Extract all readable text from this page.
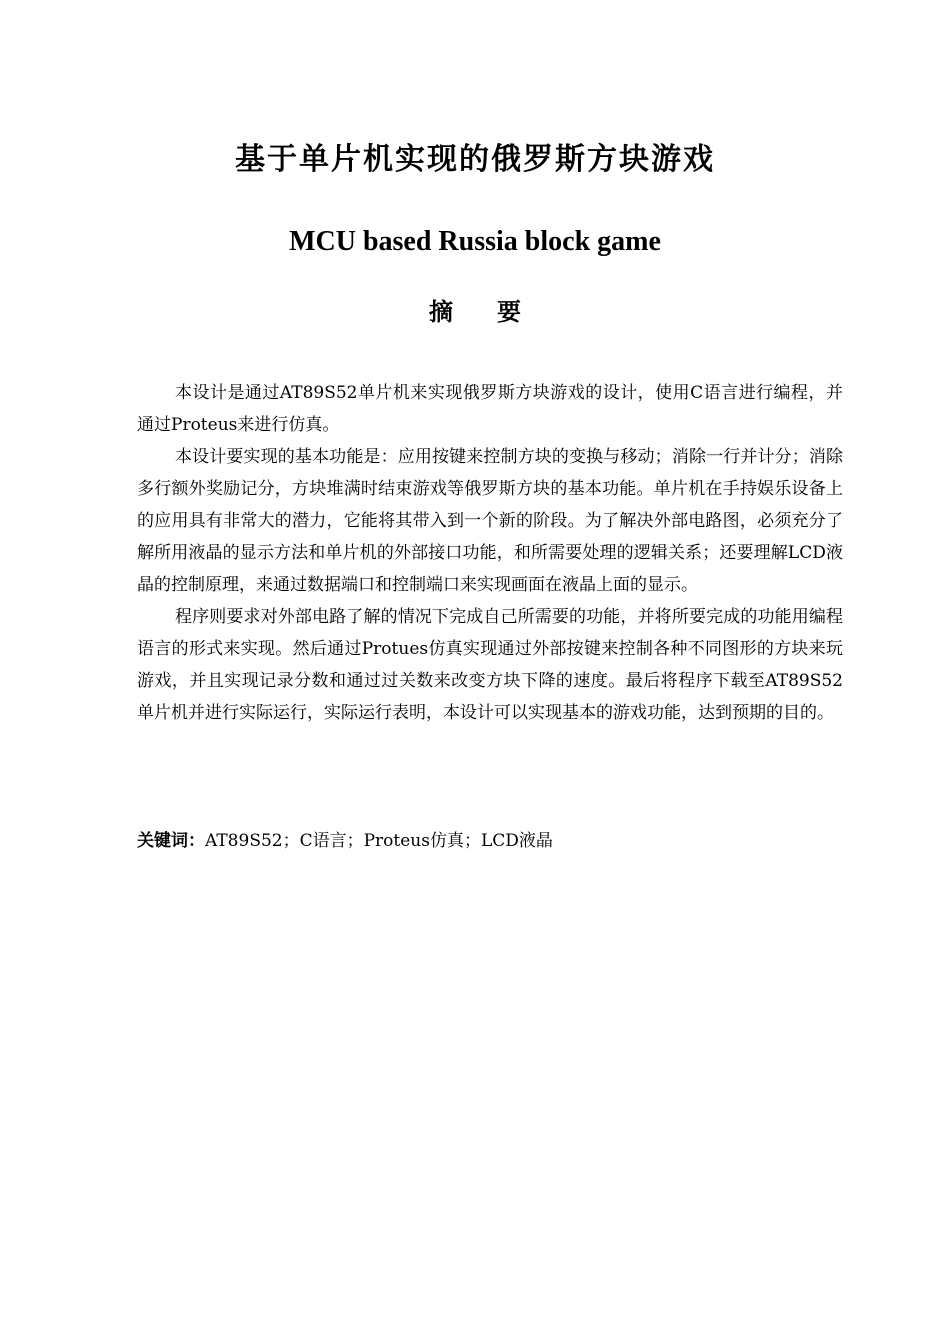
基于单片机实现的俄罗斯方块游戏
MCU based Russia block game
摘要

本设计是通过AT89S52单片机来实现俄罗斯方块游戏的设计，使用C语言进行编程，并通过Proteus来进行仿真。

本设计要实现的基本功能是：应用按键来控制方块的变换与移动；消除一行并计分；消除多行额外奖励记分，方块堆满时结束游戏等俄罗斯方块的基本功能。单片机在手持娱乐设备上的应用具有非常大的潜力，它能将其带入到一个新的阶段。为了解决外部电路图，必须充分了解所用液晶的显示方法和单片机的外部接口功能，和所需要处理的逻辑关系；还要理解LCD液晶的控制原理，来通过数据端口和控制端口来实现画面在液晶上面的显示。

程序则要求对外部电路了解的情况下完成自己所需要的功能，并将所要完成的功能用编程语言的形式来实现。然后通过Protues仿真实现通过外部按键来控制各种不同图形的方块来玩游戏，并且实现记录分数和通过过关数来改变方块下降的速度。最后将程序下载至AT89S52单片机并进行实际运行，实际运行表明，本设计可以实现基本的游戏功能，达到预期的目的。

关键词：AT89S52；C语言；Proteus仿真；LCD液晶
